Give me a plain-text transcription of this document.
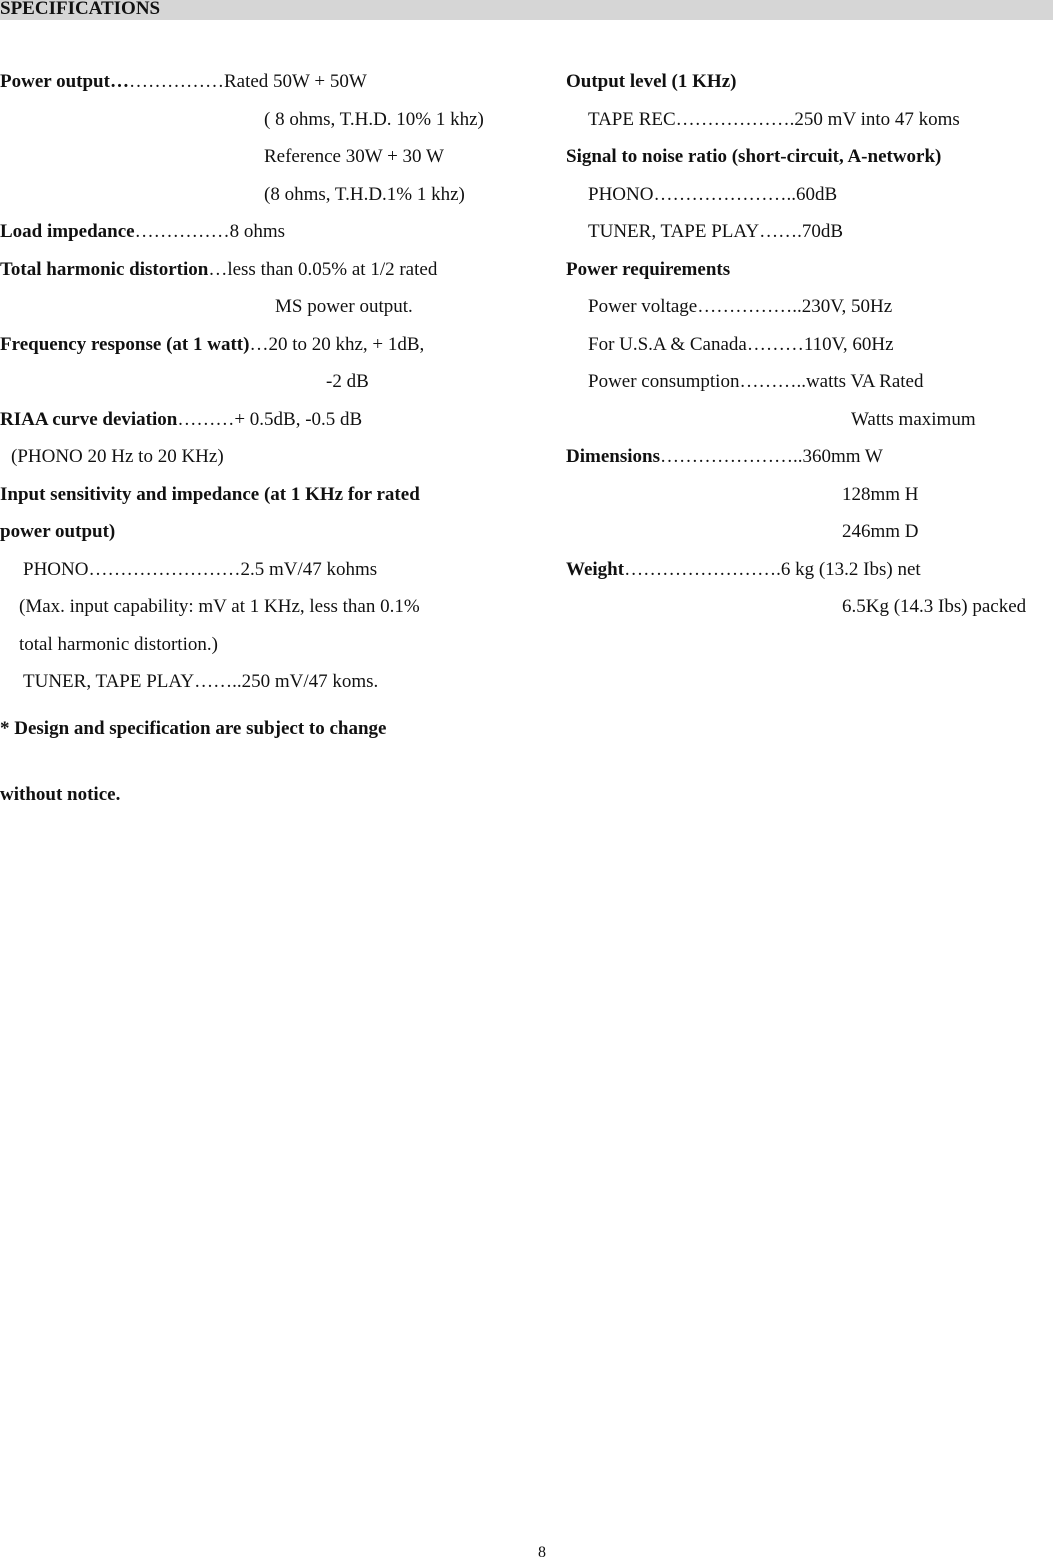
SPECIFICATIONS
Power output………………Rated 50W + 50W
( 8 ohms, T.H.D. 10% 1 khz)
Reference 30W + 30 W
(8 ohms, T.H.D.1% 1 khz)
Load impedance……………8 ohms
Total harmonic distortion…less than 0.05% at 1/2 rated
MS power output.
Frequency response (at 1 watt)…20 to 20 khz, + 1dB,
-2 dB
RIAA curve deviation………+ 0.5dB, -0.5 dB
(PHONO 20 Hz to 20 KHz)
Input sensitivity and impedance (at 1 KHz for rated
power output)
PHONO……………………2.5 mV/47 kohms
(Max. input capability: mV at 1 KHz, less than 0.1%
total harmonic distortion.)
TUNER, TAPE PLAY……..250 mV/47 koms.
* Design and specification are subject to change
without notice.
Output level (1 KHz)
TAPE REC……………….250 mV into 47 koms
Signal to noise ratio (short-circuit, A-network)
PHONO…………………..60dB
TUNER, TAPE PLAY…….70dB
Power requirements
Power voltage……………..230V, 50Hz
For U.S.A & Canada………110V, 60Hz
Power consumption………..watts VA Rated
Watts maximum
Dimensions…………………..360mm W
128mm H
246mm D
Weight…………………….6 kg (13.2 Ibs) net
6.5Kg (14.3 Ibs) packed
8
